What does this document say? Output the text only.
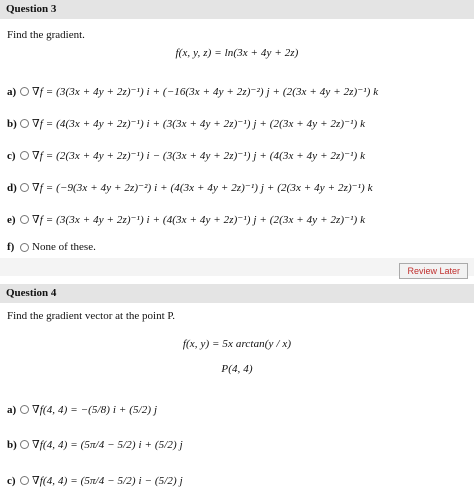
Question 3
Find the gradient.
f(x, y, z) = ln(3x + 4y + 2z)
a)	∇f = (3(3x + 4y + 2z)⁻¹) i + (−16(3x + 4y + 2z)⁻²) j + (2(3x + 4y + 2z)⁻¹) k
b) ∇f = (4(3x + 4y + 2z)⁻¹) i + (3(3x + 4y + 2z)⁻¹) j + (2(3x + 4y + 2z)⁻¹) k
c)	∇f = (2(3x + 4y + 2z)⁻¹) i − (3(3x + 4y + 2z)⁻¹) j + (4(3x + 4y + 2z)⁻¹) k
d) ∇f = (−9(3x + 4y + 2z)⁻²) i + (4(3x + 4y + 2z)⁻¹) j + (2(3x + 4y + 2z)⁻¹) k
e)	∇f = (3(3x + 4y + 2z)⁻¹) i + (4(3x + 4y + 2z)⁻¹) j + (2(3x + 4y + 2z)⁻¹) k
f)	None of these.
Review Later
Question 4
Find the gradient vector at the point P.
f(x, y) = 5x arctan(y / x)
P(4, 4)
a)	∇f(4, 4) = −(5/8) i + (5/2) j
b) ∇f(4, 4) = (5π/4 − 5/2) i + (5/2) j
c)	∇f(4, 4) = (5π/4 − 5/2) i − (5/2) j
